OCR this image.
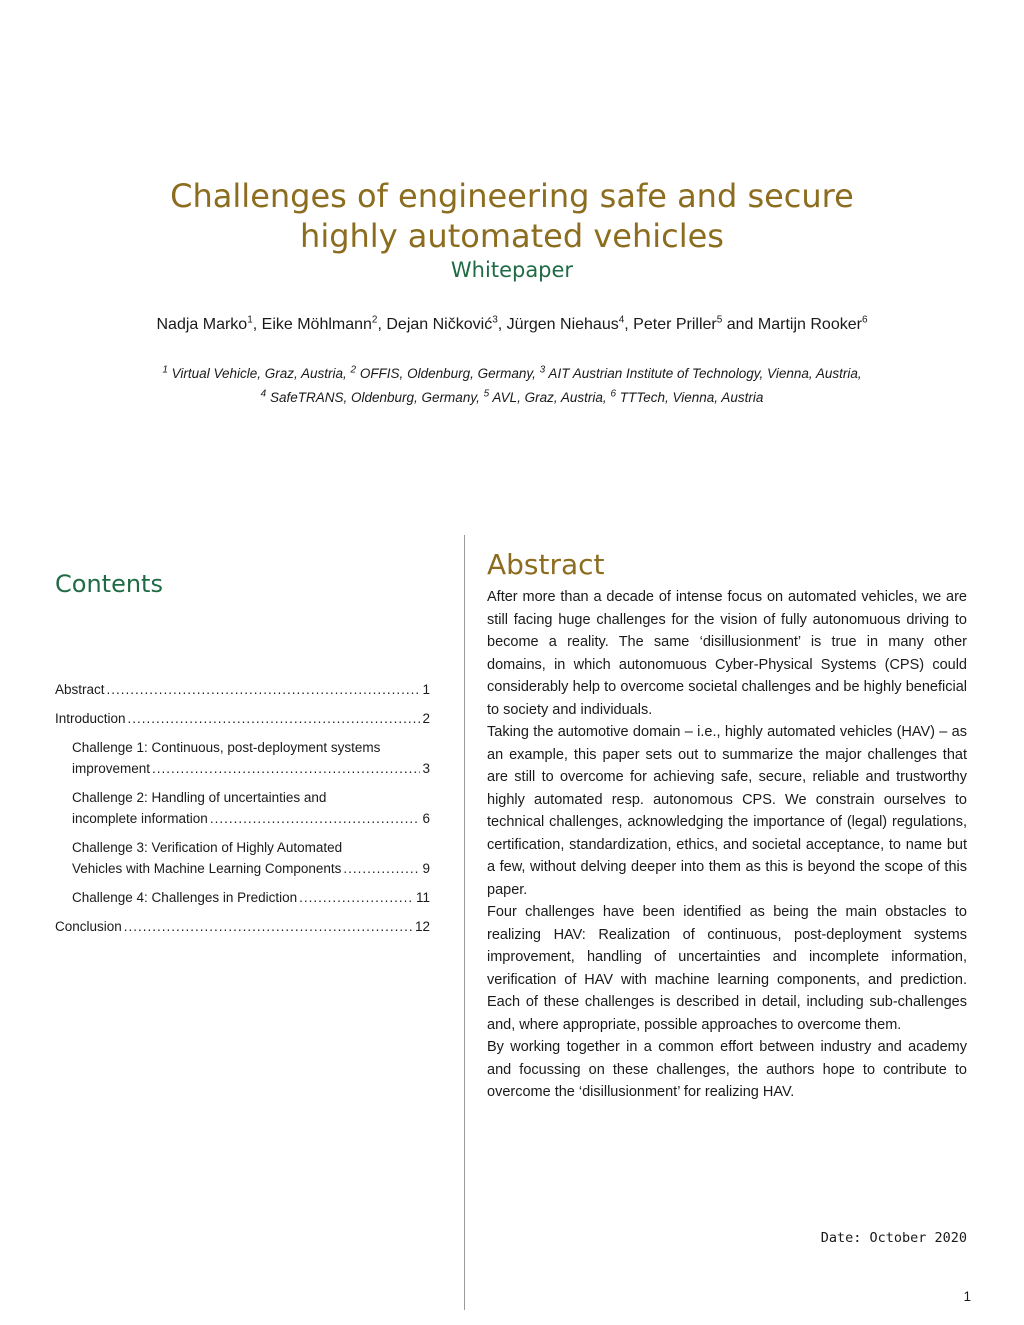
Challenges of engineering safe and secure
highly automated vehicles
Whitepaper
Nadja Marko$^1$, Eike Möhlmann$^2$, Dejan Ničković$^3$, Jürgen Niehaus$^4$, Peter Priller$^5$ and Martijn Rooker$^6$
$^1$ Virtual Vehicle, Graz, Austria, $^2$ OFFIS, Oldenburg, Germany, $^3$ AIT Austrian Institute of Technology, Vienna, Austria,
$^4$ SafeTRANS, Oldenburg, Germany, $^5$ AVL, Graz, Austria, $^6$ TTTech, Vienna, Austria
Contents
Abstract .....	1
Introduction .....	2
Challenge 1: Continuous, post-deployment systems
improvement .....	3
Challenge 2: Handling of uncertainties and
incomplete information .....	6
Challenge 3: Verification of Highly Automated
Vehicles with Machine Learning Components .....	9
Challenge 4: Challenges in Prediction .....	11
Conclusion .....	12
Abstract

After more than a decade of intense focus on automated vehicles, we are still facing huge challenges for the vision of fully autonomuous driving to become a reality. The same ‘disillusionment’ is true in many other domains, in which autonomuous Cyber-Physical Systems (CPS) could considerably help to overcome societal challenges and be highly beneficial to society and individuals.

Taking the automotive domain – i.e., highly automated vehicles (HAV) – as an example, this paper sets out to summarize the major challenges that are still to overcome for achieving safe, secure, reliable and trustworthy highly automated resp. autonomous CPS. We constrain ourselves to technical challenges, acknowledging the importance of (legal) regulations, certification, standardization, ethics, and societal acceptance, to name but a few, without delving deeper into them as this is beyond the scope of this paper.

Four challenges have been identified as being the main obstacles to realizing HAV: Realization of continuous, post-deployment systems improvement, handling of uncertainties and incomplete information, verification of HAV with machine learning components, and prediction. Each of these challenges is described in detail, including sub-challenges and, where appropriate, possible approaches to overcome them.

By working together in a common effort between industry and academy and focussing on these challenges, the authors hope to contribute to overcome the ‘disillusionment’ for realizing HAV.

Date: October 2020
1
